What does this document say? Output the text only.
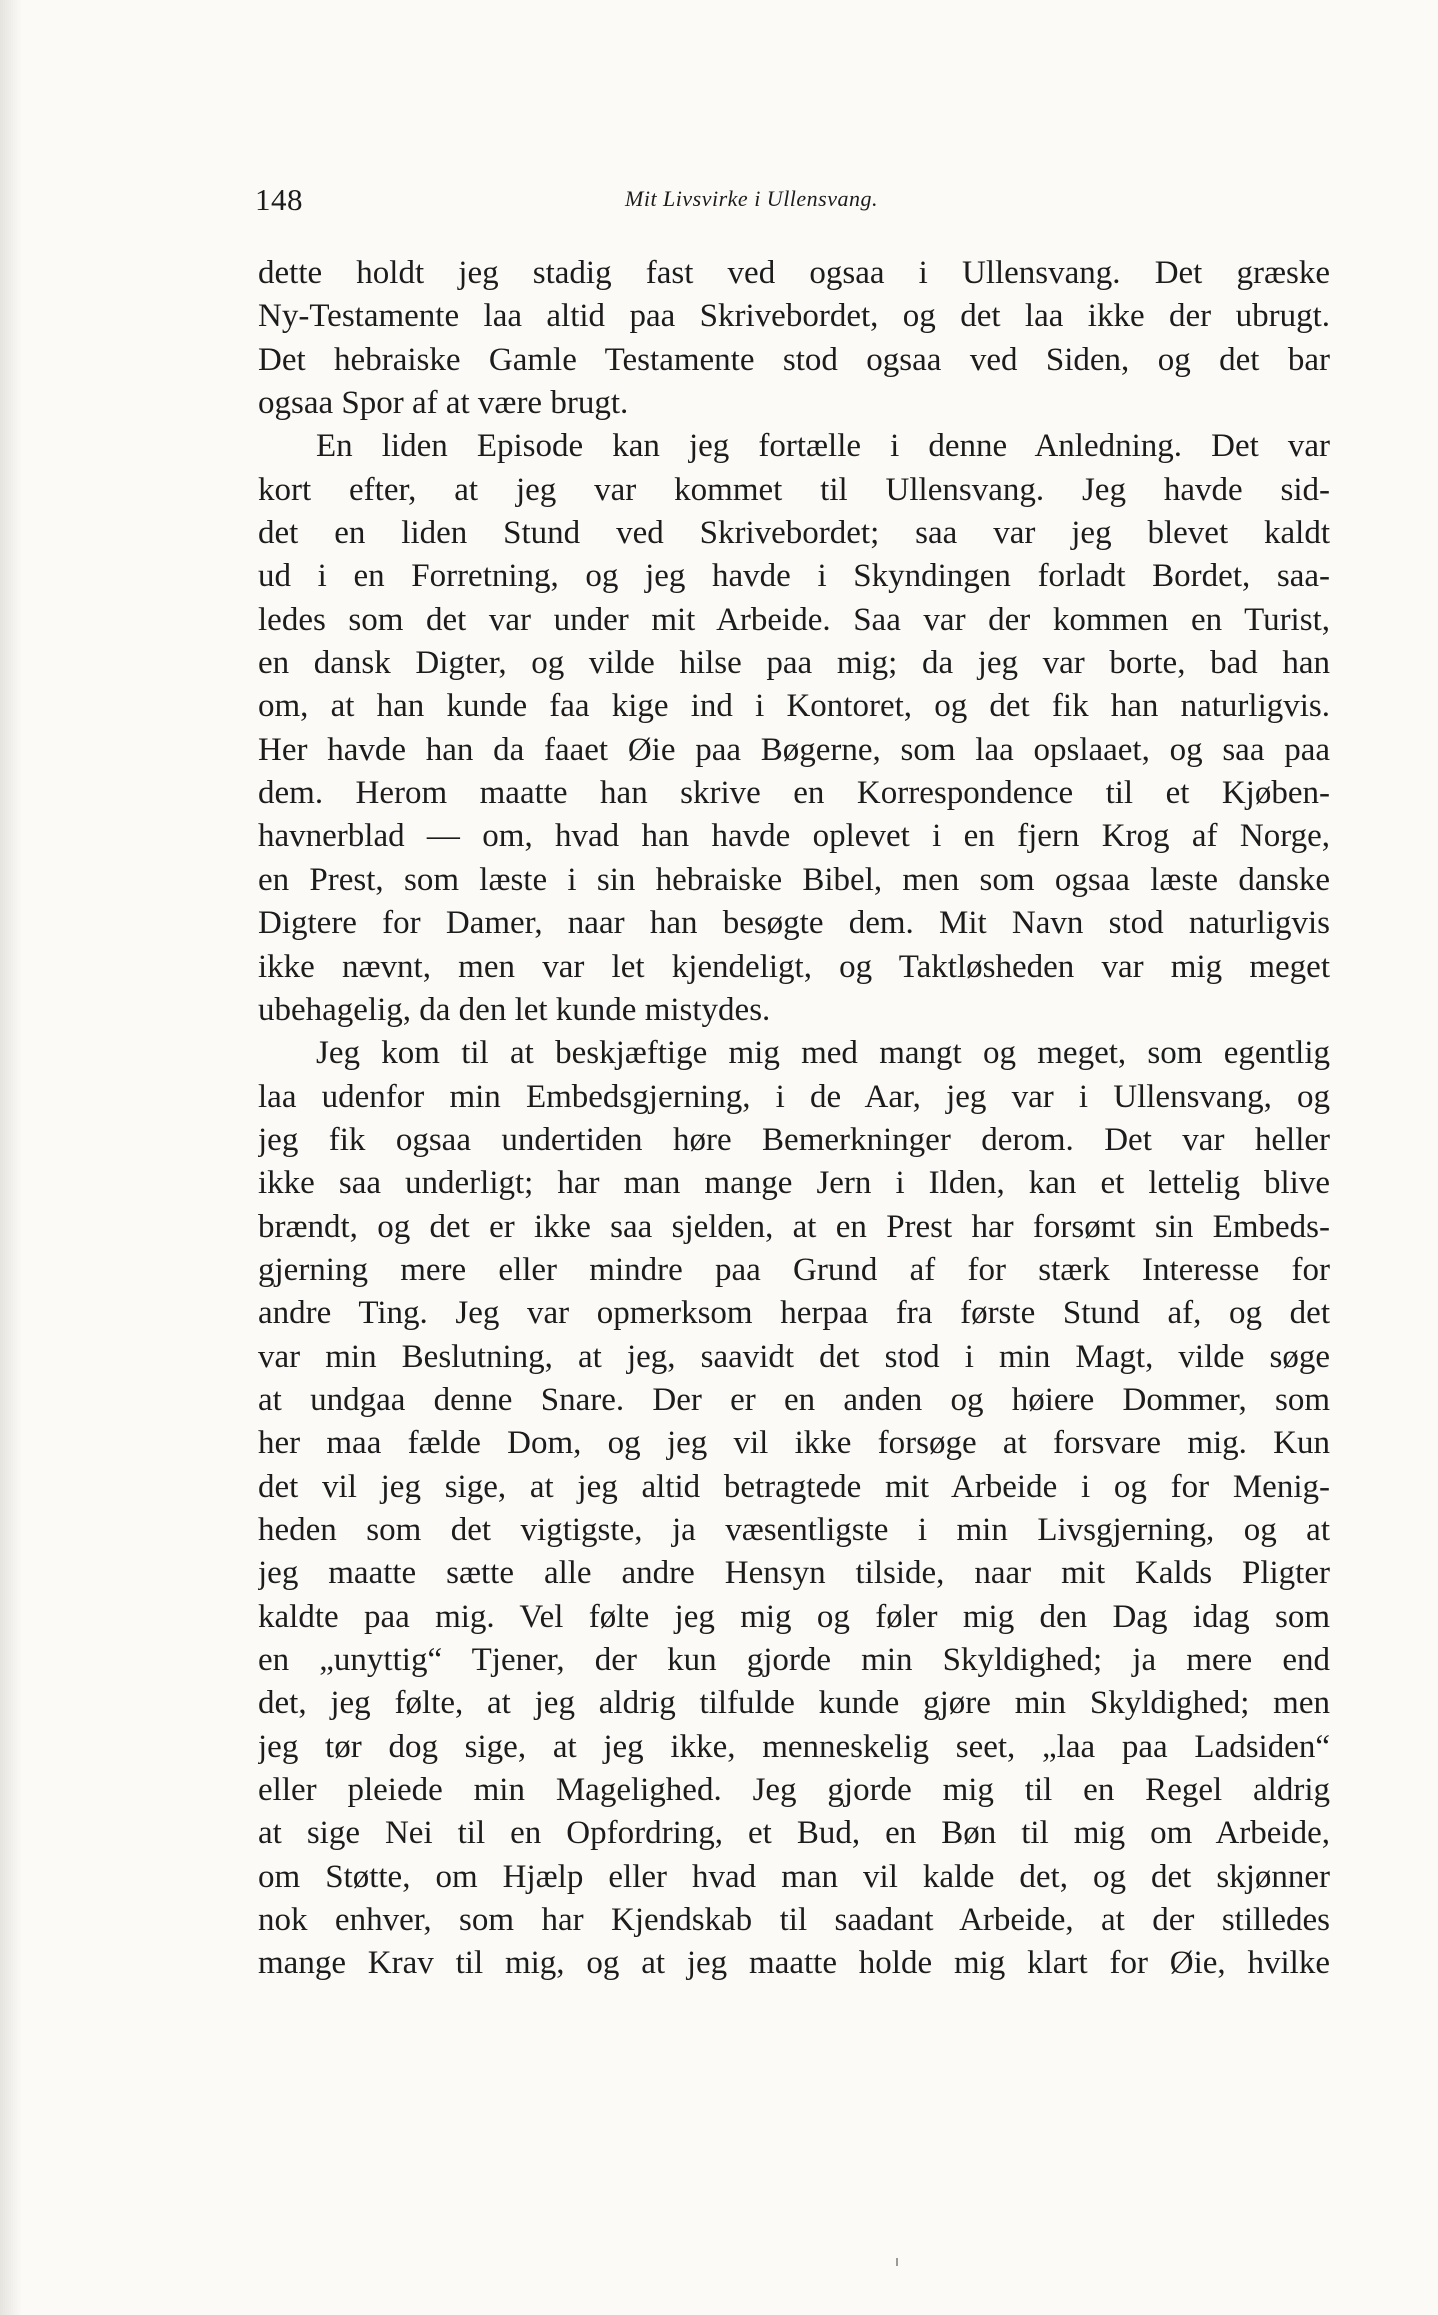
148	Mit Livsvirke i Ullensvang.
dette holdt jeg stadig fast ved ogsaa i Ullensvang. Det græske
Ny-Testamente laa altid paa Skrivebordet, og det laa ikke der ubrugt.
Det hebraiske Gamle Testamente stod ogsaa ved Siden, og det bar
ogsaa Spor af at være brugt.
En liden Episode kan jeg fortælle i denne Anledning. Det var
kort efter, at jeg var kommet til Ullensvang. Jeg havde sid-
det en liden Stund ved Skrivebordet; saa var jeg blevet kaldt
ud i en Forretning, og jeg havde i Skyndingen forladt Bordet, saa-
ledes som det var under mit Arbeide. Saa var der kommen en Turist,
en dansk Digter, og vilde hilse paa mig; da jeg var borte, bad han
om, at han kunde faa kige ind i Kontoret, og det fik han naturligvis.
Her havde han da faaet Øie paa Bøgerne, som laa opslaaet, og saa paa
dem. Herom maatte han skrive en Korrespondence til et Kjøben-
havnerblad — om, hvad han havde oplevet i en fjern Krog af Norge,
en Prest, som læste i sin hebraiske Bibel, men som ogsaa læste danske
Digtere for Damer, naar han besøgte dem. Mit Navn stod naturligvis
ikke nævnt, men var let kjendeligt, og Taktløsheden var mig meget
ubehagelig, da den let kunde mistydes.
Jeg kom til at beskjæftige mig med mangt og meget, som egentlig
laa udenfor min Embedsgjerning, i de Aar, jeg var i Ullensvang, og
jeg fik ogsaa undertiden høre Bemerkninger derom. Det var heller
ikke saa underligt; har man mange Jern i Ilden, kan et lettelig blive
brændt, og det er ikke saa sjelden, at en Prest har forsømt sin Embeds-
gjerning mere eller mindre paa Grund af for stærk Interesse for
andre Ting. Jeg var opmerksom herpaa fra første Stund af, og det
var min Beslutning, at jeg, saavidt det stod i min Magt, vilde søge
at undgaa denne Snare. Der er en anden og høiere Dommer, som
her maa fælde Dom, og jeg vil ikke forsøge at forsvare mig. Kun
det vil jeg sige, at jeg altid betragtede mit Arbeide i og for Menig-
heden som det vigtigste, ja væsentligste i min Livsgjerning, og at
jeg maatte sætte alle andre Hensyn tilside, naar mit Kalds Pligter
kaldte paa mig. Vel følte jeg mig og føler mig den Dag idag som
en „unyttig“ Tjener, der kun gjorde min Skyldighed; ja mere end
det, jeg følte, at jeg aldrig tilfulde kunde gjøre min Skyldighed; men
jeg tør dog sige, at jeg ikke, menneskelig seet, „laa paa Ladsiden“
eller pleiede min Magelighed. Jeg gjorde mig til en Regel aldrig
at sige Nei til en Opfordring, et Bud, en Bøn til mig om Arbeide,
om Støtte, om Hjælp eller hvad man vil kalde det, og det skjønner
nok enhver, som har Kjendskab til saadant Arbeide, at der stilledes
mange Krav til mig, og at jeg maatte holde mig klart for Øie, hvilke
